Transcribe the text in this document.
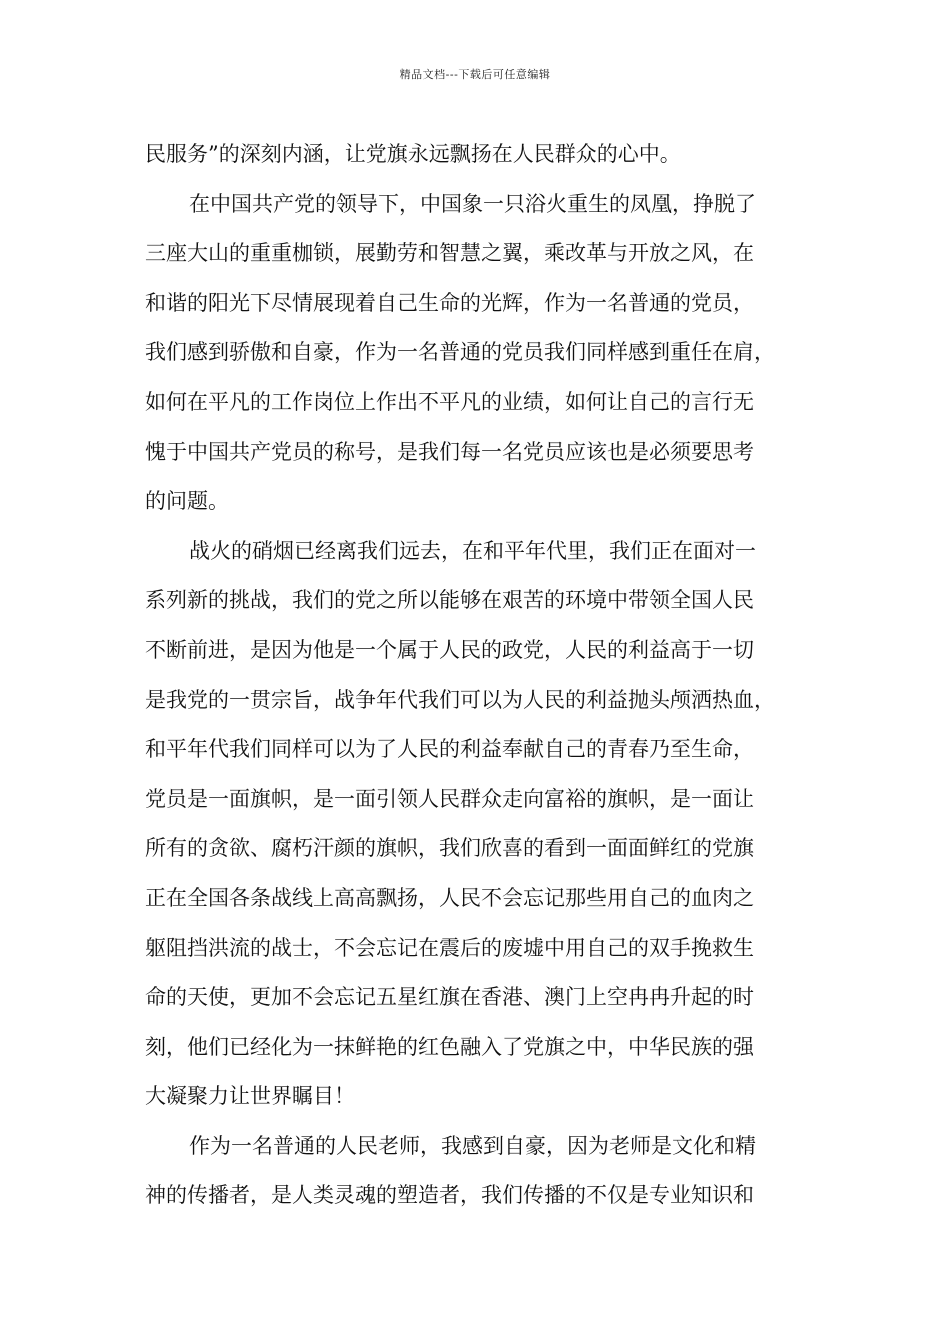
精品文档---下载后可任意编辑
民服务”的深刻内涵，让党旗永远飘扬在人民群众的心中。
在中国共产党的领导下，中国象一只浴火重生的凤凰，挣脱了
三座大山的重重枷锁，展勤劳和智慧之翼，乘改革与开放之风，在
和谐的阳光下尽情展现着自己生命的光辉，作为一名普通的党员，
我们感到骄傲和自豪，作为一名普通的党员我们同样感到重任在肩，
如何在平凡的工作岗位上作出不平凡的业绩，如何让自己的言行无
愧于中国共产党员的称号，是我们每一名党员应该也是必须要思考
的问题。
战火的硝烟已经离我们远去，在和平年代里，我们正在面对一
系列新的挑战，我们的党之所以能够在艰苦的环境中带领全国人民
不断前进，是因为他是一个属于人民的政党，人民的利益高于一切
是我党的一贯宗旨，战争年代我们可以为人民的利益抛头颅洒热血，
和平年代我们同样可以为了人民的利益奉献自己的青春乃至生命，
党员是一面旗帜，是一面引领人民群众走向富裕的旗帜，是一面让
所有的贪欲、腐朽汗颜的旗帜，我们欣喜的看到一面面鲜红的党旗
正在全国各条战线上高高飘扬，人民不会忘记那些用自己的血肉之
躯阻挡洪流的战士，不会忘记在震后的废墟中用自己的双手挽救生
命的天使，更加不会忘记五星红旗在香港、澳门上空冉冉升起的时
刻，他们已经化为一抹鲜艳的红色融入了党旗之中，中华民族的强
大凝聚力让世界瞩目！
作为一名普通的人民老师，我感到自豪，因为老师是文化和精
神的传播者，是人类灵魂的塑造者，我们传播的不仅是专业知识和
